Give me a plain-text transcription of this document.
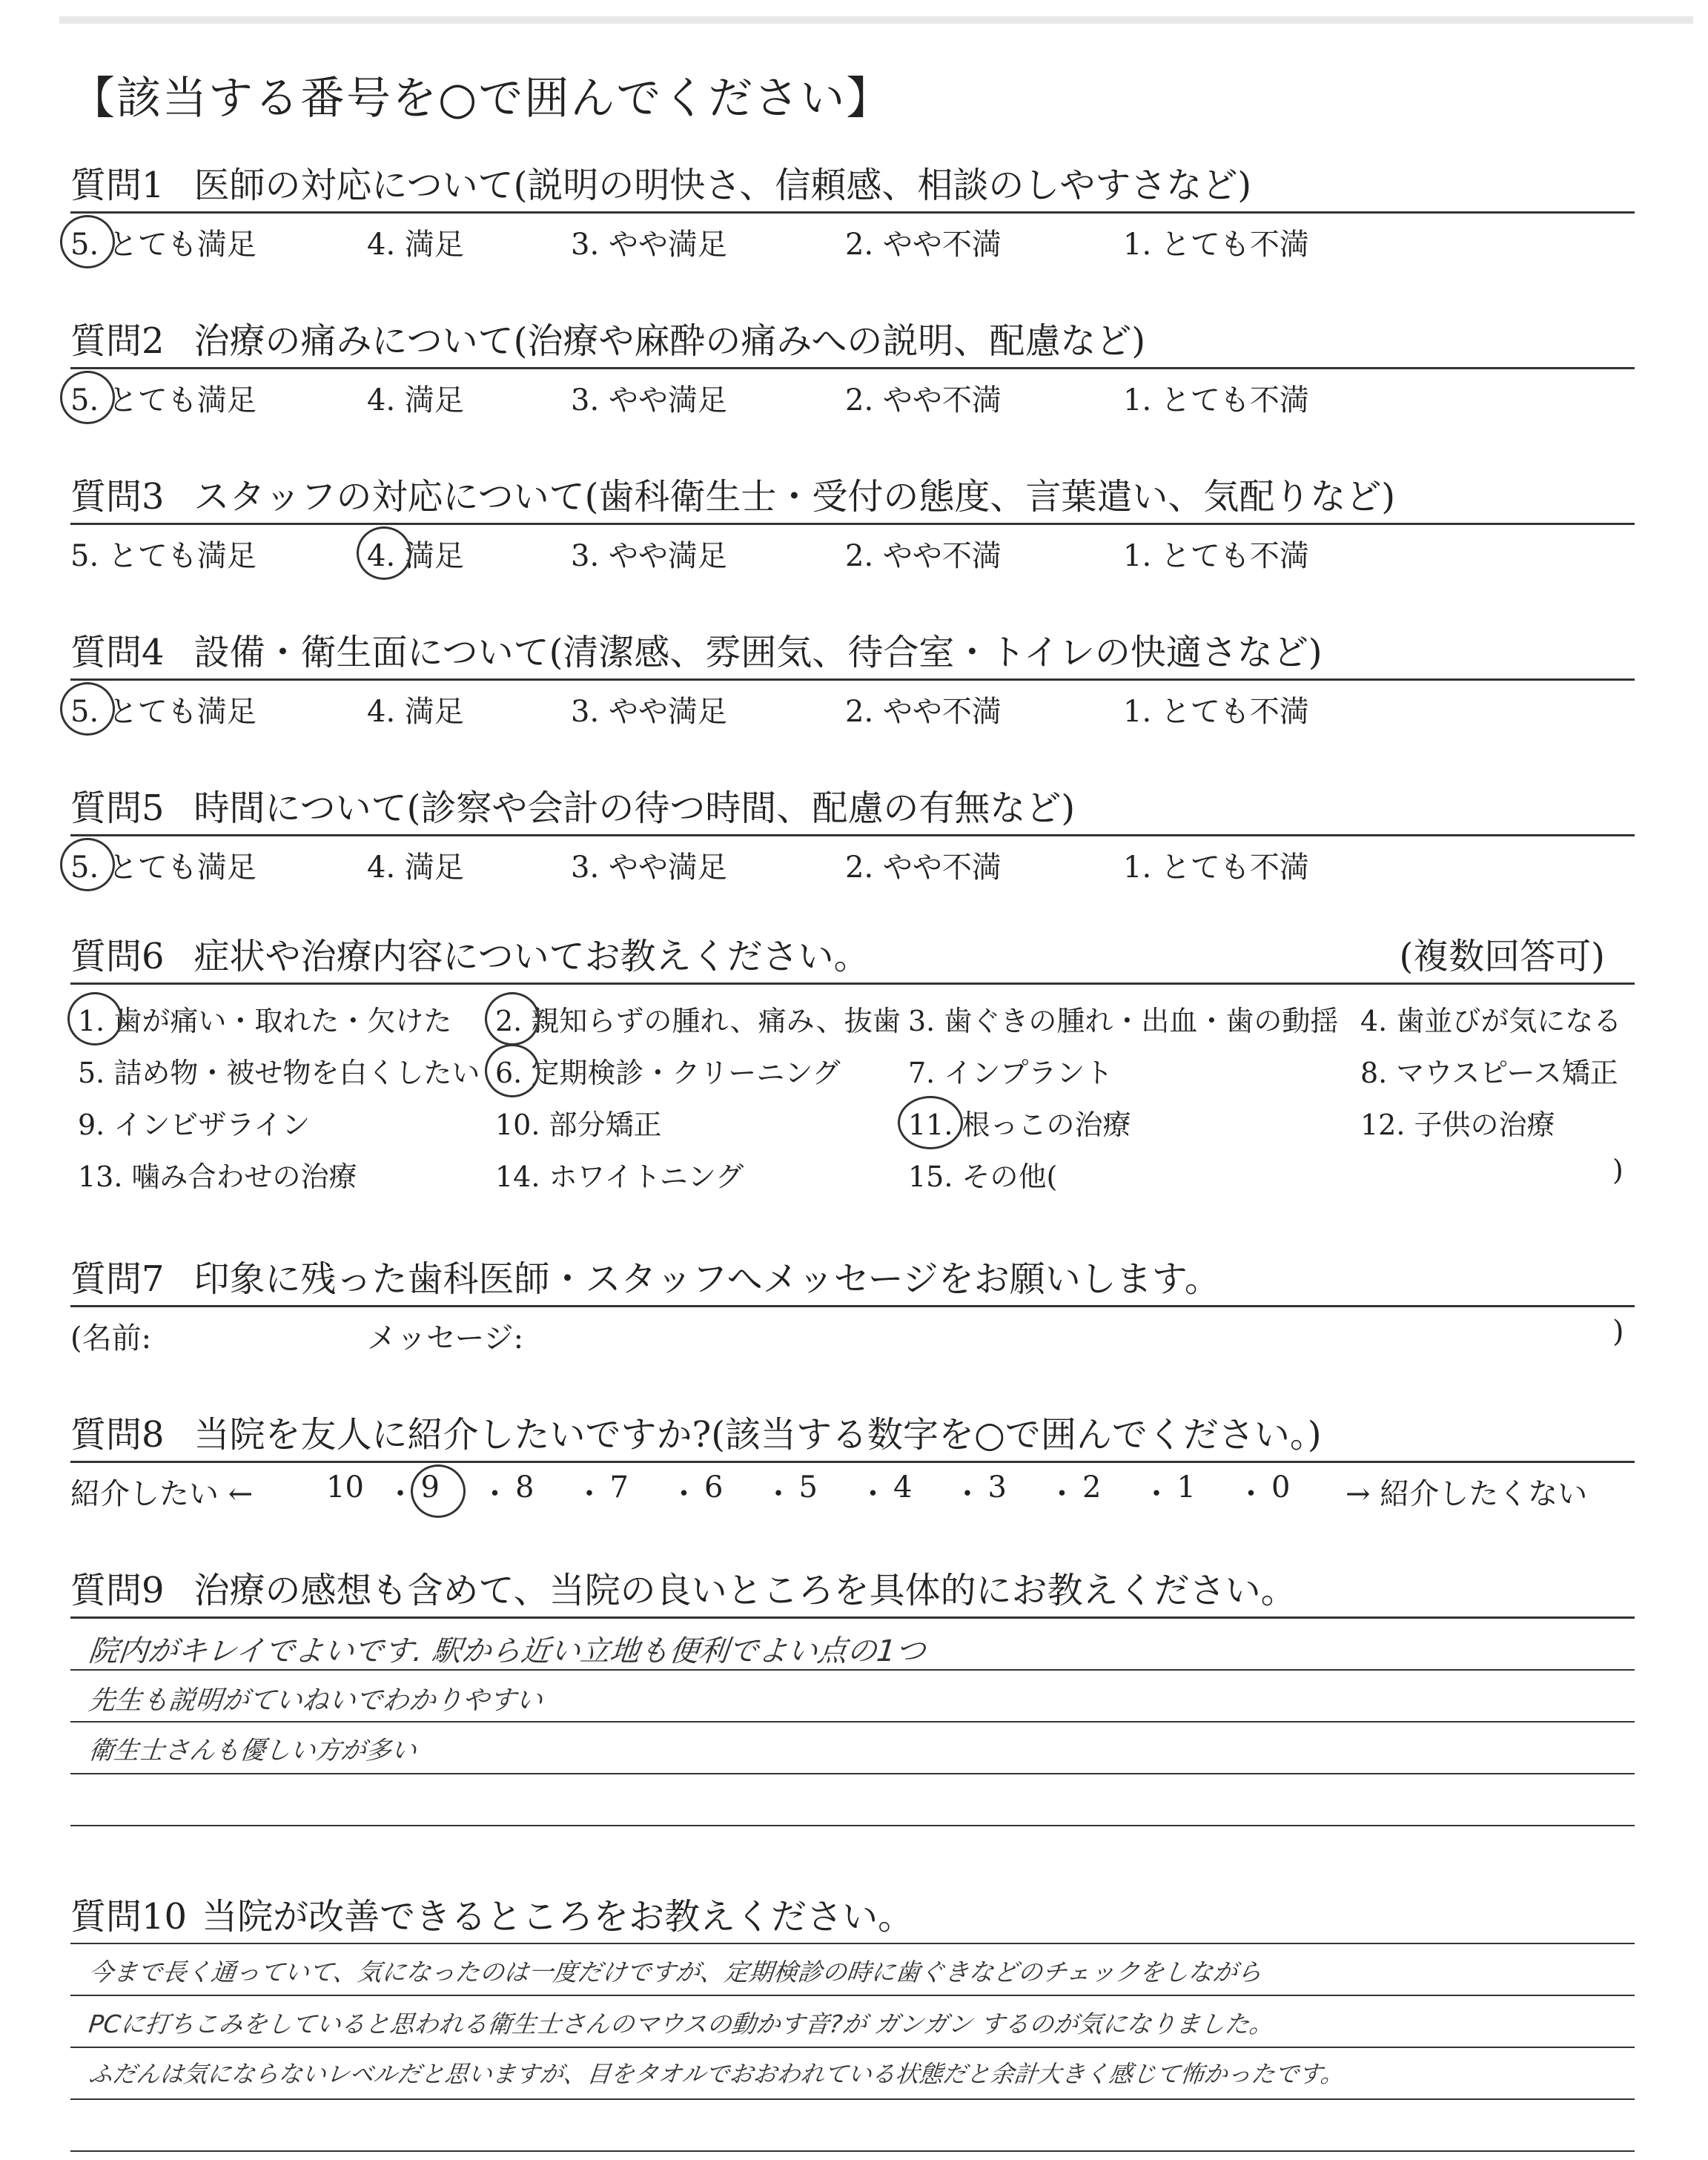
【該当する番号を○で囲んでください】
質問1 医師の対応について(説明の明快さ、信頼感、相談のしやすさなど)
5. とても満足	4. 満足	3. やや満足	2. やや不満	1. とても不満
質問2 治療の痛みについて(治療や麻酔の痛みへの説明、配慮など)
5. とても満足	4. 満足	3. やや満足	2. やや不満	1. とても不満
質問3 スタッフの対応について(歯科衛生士・受付の態度、言葉遣い、気配りなど)
5. とても満足	4. 満足	3. やや満足	2. やや不満	1. とても不満
質問4 設備・衛生面について(清潔感、雰囲気、待合室・トイレの快適さなど)
5. とても満足	4. 満足	3. やや満足	2. やや不満	1. とても不満
質問5 時間について(診察や会計の待つ時間、配慮の有無など)
5. とても満足	4. 満足	3. やや満足	2. やや不満	1. とても不満
質問6 症状や治療内容についてお教えください。	(複数回答可)
1. 歯が痛い・取れた・欠けた 2. 親知らずの腫れ、痛み、抜歯 3. 歯ぐきの腫れ・出血・歯の動揺 4. 歯並びが気になる
5. 詰め物・被せ物を白くしたい 6. 定期検診・クリーニング 7. インプラント	8. マウスピース矯正
9. インビザライン	10. 部分矯正	11. 根っこの治療	12. 子供の治療
13. 噛み合わせの治療	14. ホワイトニング	15. その他(	)
質問7 印象に残った歯科医師・スタッフへメッセージをお願いします。
(名前:	メッセージ:	)
質問8 当院を友人に紹介したいですか?(該当する数字を○で囲んでください。)
紹介したい ←	→ 紹介したくない
10 ・ 9 ・ 8 ・ 7 ・ 6 ・ 5 ・ 4 ・ 3 ・ 2 ・ 1 ・ 0
質問9 治療の感想も含めて、当院の良いところを具体的にお教えください。
院内がキレイでよいです. 駅から近い立地も便利でよい点の1つ
先生も説明がていねいでわかりやすい
衛生士さんも優しい方が多い
質問10 当院が改善できるところをお教えください。
今まで長く通っていて、気になったのは一度だけですが、定期検診の時に歯ぐきなどのチェックをしながら
PCに打ちこみをしていると思われる衛生士さんのマウスの動かす音?が ガンガン するのが気になりました。
ふだんは気にならないレベルだと思いますが、目をタオルでおおわれている状態だと余計大きく感じて怖かったです。
